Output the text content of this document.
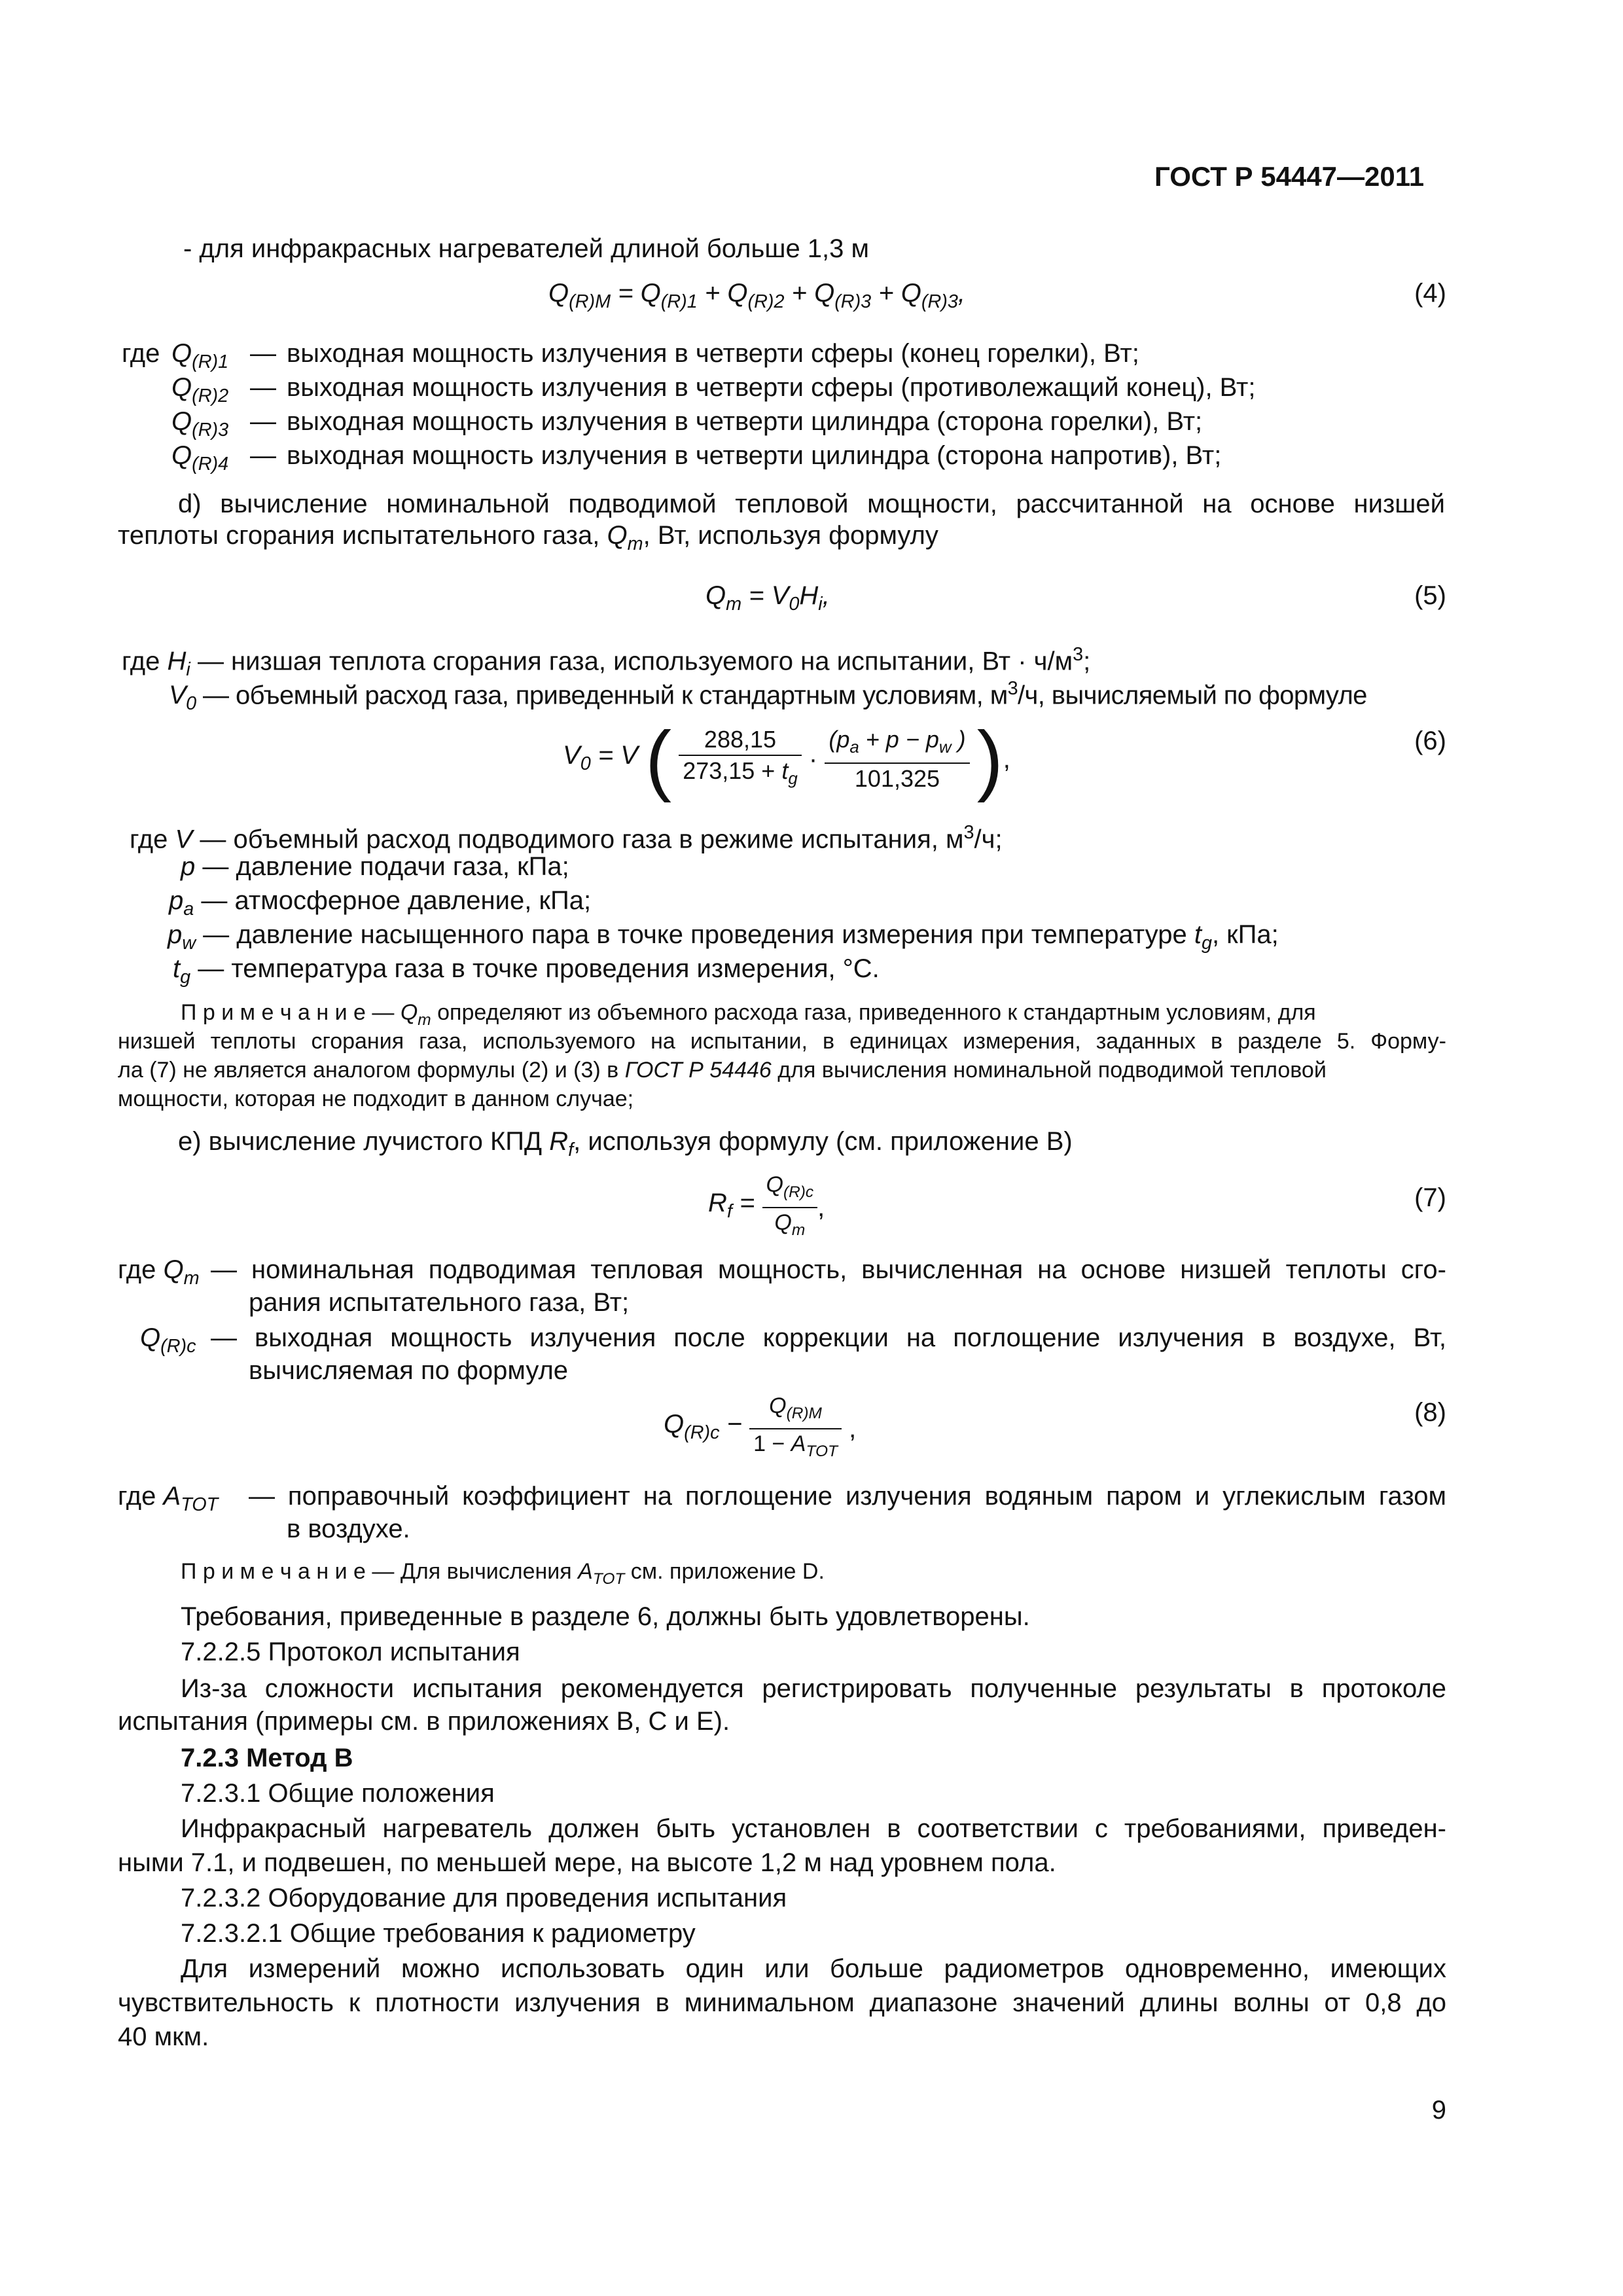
ГОСТ Р 54447—2011
- для инфракрасных нагревателей длиной больше 1,3 м
$Q_{(R)M} = Q_{(R)1} + Q_{(R)2} + Q_{(R)3} + Q_{(R)3}$,	(4)
где $Q_{(R)1}$ — выходная мощность излучения в четверти сферы (конец горелки), Вт;
$Q_{(R)2}$ — выходная мощность излучения в четверти сферы (противолежащий конец), Вт;
$Q_{(R)3}$ — выходная мощность излучения в четверти цилиндра (сторона горелки), Вт;
$Q_{(R)4}$ — выходная мощность излучения в четверти цилиндра (сторона напротив), Вт;
d) вычисление номинальной подводимой тепловой мощности, рассчитанной на основе низшей
теплоты сгорания испытательного газа, $Q_m$, Вт, используя формулу
$Q_m = V_0H_i$,	(5)
где $H_i$ — низшая теплота сгорания газа, используемого на испытании, Вт · $ч/м^3$;
$V_0$ — объемный расход газа, приведенный к стандартным условиям, $м^3/ч$, вычисляемый по формуле
$V_0 = V$ ( $\frac{288,15}{273,15 + t_g} \cdot \frac{(p_a + p - p_w )}{101,325}$ ),
(6)
где V — объемный расход подводимого газа в режиме испытания, $м^3/ч$;
p — давление подачи газа, кПа;
$p_a$ — атмосферное давление, кПа;
$p_w$ — давление насыщенного пара в точке проведения измерения при температуре $t_g$, кПа;
$t_g$ — температура газа в точке проведения измерения, °С.
П р и м е ч а н и е — $Q_m$ определяют из объемного расхода газа, приведенного к стандартным условиям, для
низшей теплоты сгорания газа, используемого на испытании, в единицах измерения, заданных в разделе 5. Форму-
ла (7) не является аналогом формулы (2) и (3) в ГОСТ Р 54446 для вычисления номинальной подводимой тепловой
мощности, которая не подходит в данном случае;
e) вычисление лучистого КПД $R_f$, используя формулу (см. приложение В)
$R_f = \frac{Q_{(R)c}}{Q_m}$ ,	(7)
где $Q_m$ — номинальная подводимая тепловая мощность, вычисленная на основе низшей теплоты сго-
рания испытательного газа, Вт;
$Q_{(R)c}$ — выходная мощность излучения после коррекции на поглощение излучения в воздухе, Вт,
вычисляемая по формуле
$Q_{(R)c} - \frac{Q_{(R)M}}{1 - A_{TOT}}$ ,
(8)
где $A_{TOT}$ — поправочный коэффициент на поглощение излучения водяным паром и углекислым газом
в воздухе.
П р и м е ч а н и е — Для вычисления $A_{TOT}$ см. приложение D.
Требования, приведенные в разделе 6, должны быть удовлетворены.
7.2.2.5 Протокол испытания
Из-за сложности испытания рекомендуется регистрировать полученные результаты в протоколе
испытания (примеры см. в приложениях В, С и Е).
7.2.3 Метод В
7.2.3.1 Общие положения
Инфракрасный нагреватель должен быть установлен в соответствии с требованиями, приведен-
ными 7.1, и подвешен, по меньшей мере, на высоте 1,2 м над уровнем пола.
7.2.3.2 Оборудование для проведения испытания
7.2.3.2.1 Общие требования к радиометру
Для измерений можно использовать один или больше радиометров одновременно, имеющих
чувствительность к плотности излучения в минимальном диапазоне значений длины волны от 0,8 до
40 мкм.
9
